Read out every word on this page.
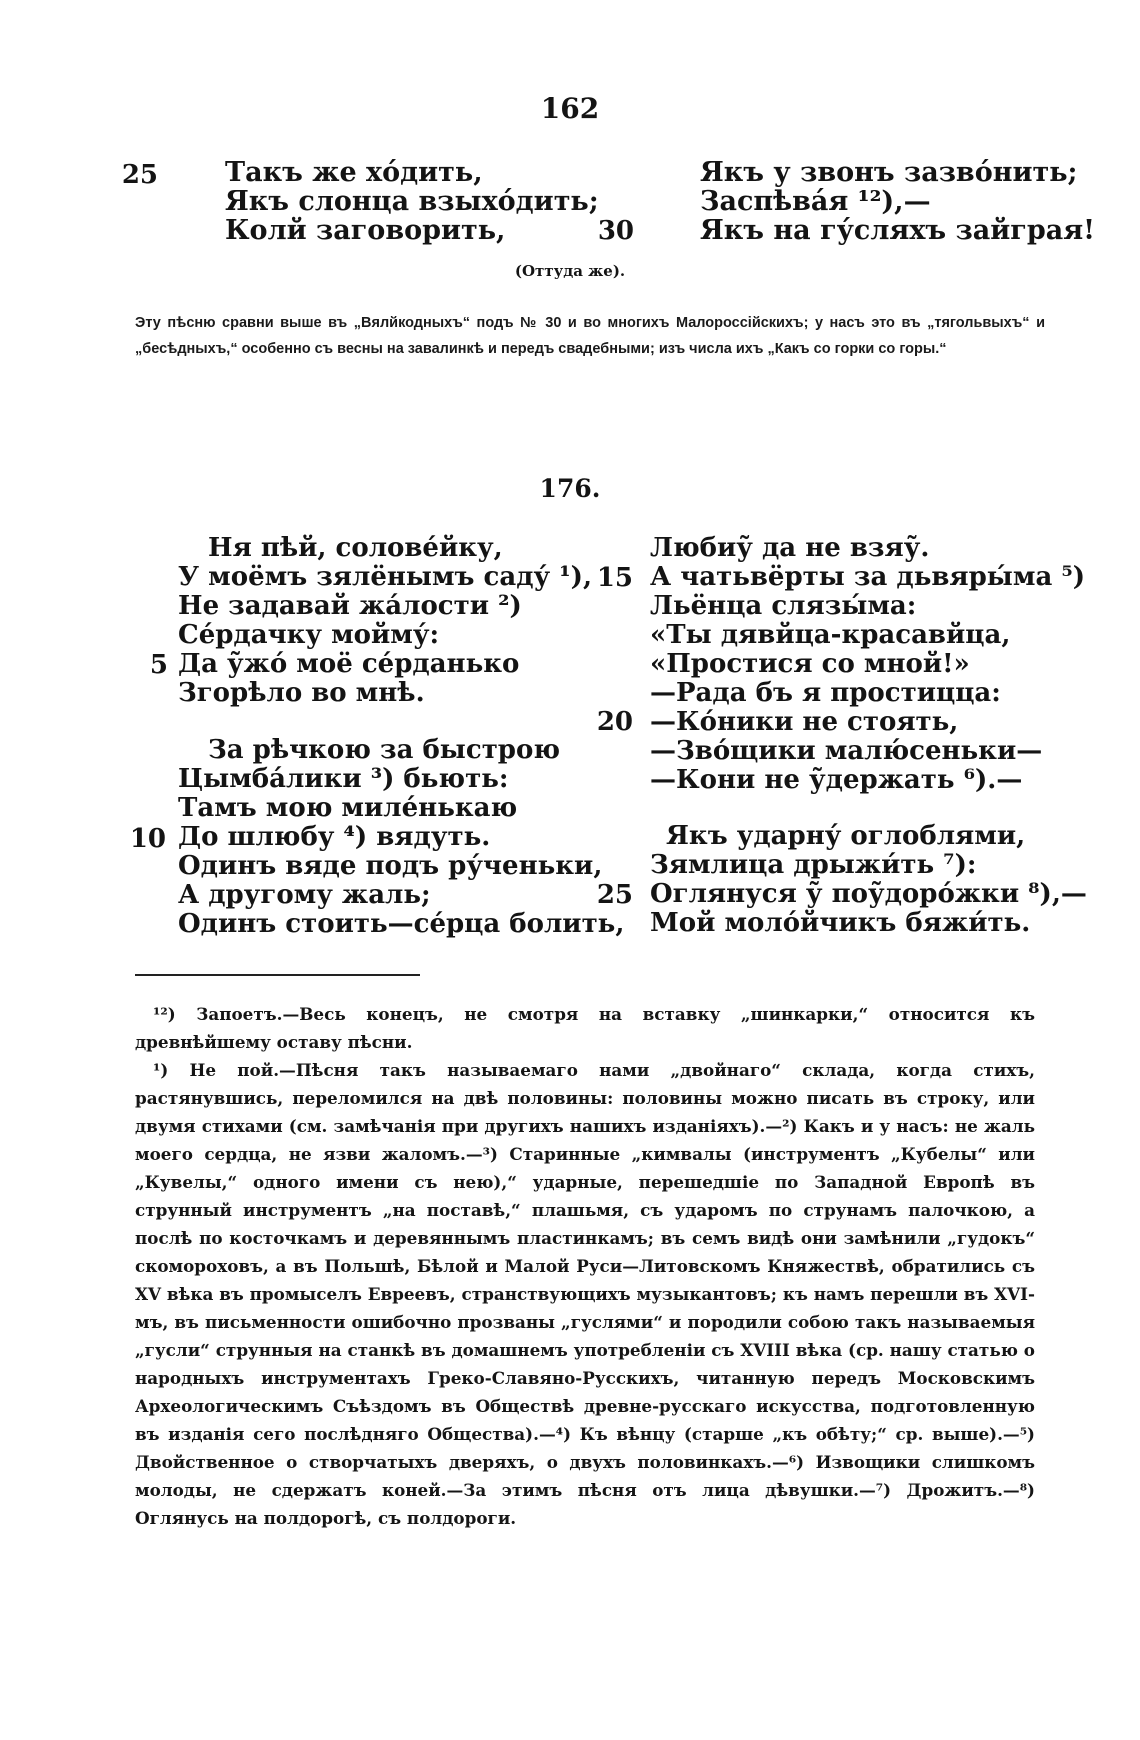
162
25 Такъ же хо́дить,
Якъ слонца взыхо́дить;
Колй заговорить,	30
Якъ у звонъ зазво́нить;
Заспѣва́я ¹²),—
Якъ на гу́сляхъ зайграя!
(Оттуда же).
Эту пѣсню сравни выше въ „Вялйкодныхъ“ подъ № 30 и во многихъ Малороссійскихъ; у насъ это въ „тягольвыхъ“ и „бесѣдныхъ,“ особенно съ весны на завалинкѣ и передъ свадебными; изъ числа ихъ „Какъ со горки со горы.“
176.
Ня пѣй, солове́йку,
У моёмъ зялёнымъ саду́ ¹),
Не задавай жа́лости ²)
Се́рдачку мойму́:
Да у̃жо́ моё се́рданько
Згорѣло во мнѣ.
5
За рѣчкою за быстрою
Цымба́лики ³) бьють:
Тамъ мою миле́нькаю
До шлюбу ⁴) вядуть.
Одинъ вяде подъ ру́ченьки,
А другому жаль;
Одинъ стоить—се́рца болить,
10
Любиу̃ да не взяу̃.
А чатьвёрты за дьвяры́ма ⁵)
Льёнца слязы́ма:
«Ты дявйца-красавйца,
«Простися со мной!»
—Рада бъ я простицца:
—Ко́ники не стоять,
—Зво́щики малю́сеньки—
—Кони не у̃держать ⁶).—
15
20
Якъ ударну́ оглоблями,
Зямлица дрыжи́ть ⁷):
Оглянуся у̃ поу̃доро́жки ⁸),—
Мой моло́йчикъ бяжи́ть.
25

¹²) Запоетъ.—Весь конецъ, не смотря на вставку „шинкарки,“ относится къ древнѣйшему оставу пѣсни.

¹) Не пой.—Пѣсня такъ называемаго нами „двойнаго“ склада, когда стихъ, растянувшись, переломился на двѣ половины: половины можно писать въ строку, или двумя стихами (см. замѣчанія при другихъ нашихъ изданіяхъ).—²) Какъ и у насъ: не жаль моего сердца, не язви жаломъ.—³) Старинные „кимвалы (инструментъ „Кубелы“ или „Кувелы,“ одного имени съ нею),“ ударные, перешедшіе по Западной Европѣ въ струнный инструментъ „на поставѣ,“ плашьмя, съ ударомъ по струнамъ палочкою, а послѣ по косточкамъ и деревяннымъ пластинкамъ; въ семъ видѣ они замѣнили „гудокъ“ скомороховъ, а въ Польшѣ, Бѣлой и Малой Руси—Литовскомъ Княжествѣ, обратились съ XV вѣка въ промыселъ Евреевъ, странствующихъ музыкантовъ; къ намъ перешли въ XVI-мъ, въ письменности ошибочно прозваны „гуслями“ и породили собою такъ называемыя „гусли“ струнныя на станкѣ въ домашнемъ употребленіи съ XVIII вѣка (ср. нашу статью о народныхъ инструментахъ Греко-Славяно-Русскихъ, читанную передъ Московскимъ Археологическимъ Съѣздомъ въ Обществѣ древне-русскаго искусства, подготовленную въ изданія сего послѣдняго Общества).—⁴) Къ вѣнцу (старше „къ обѣту;“ ср. выше).—⁵) Двойственное о створчатыхъ дверяхъ, о двухъ половинкахъ.—⁶) Извощики слишкомъ молоды, не сдержатъ коней.—За этимъ пѣсня отъ лица дѣвушки.—⁷) Дрожитъ.—⁸) Оглянусь на полдорогѣ, съ полдороги.
